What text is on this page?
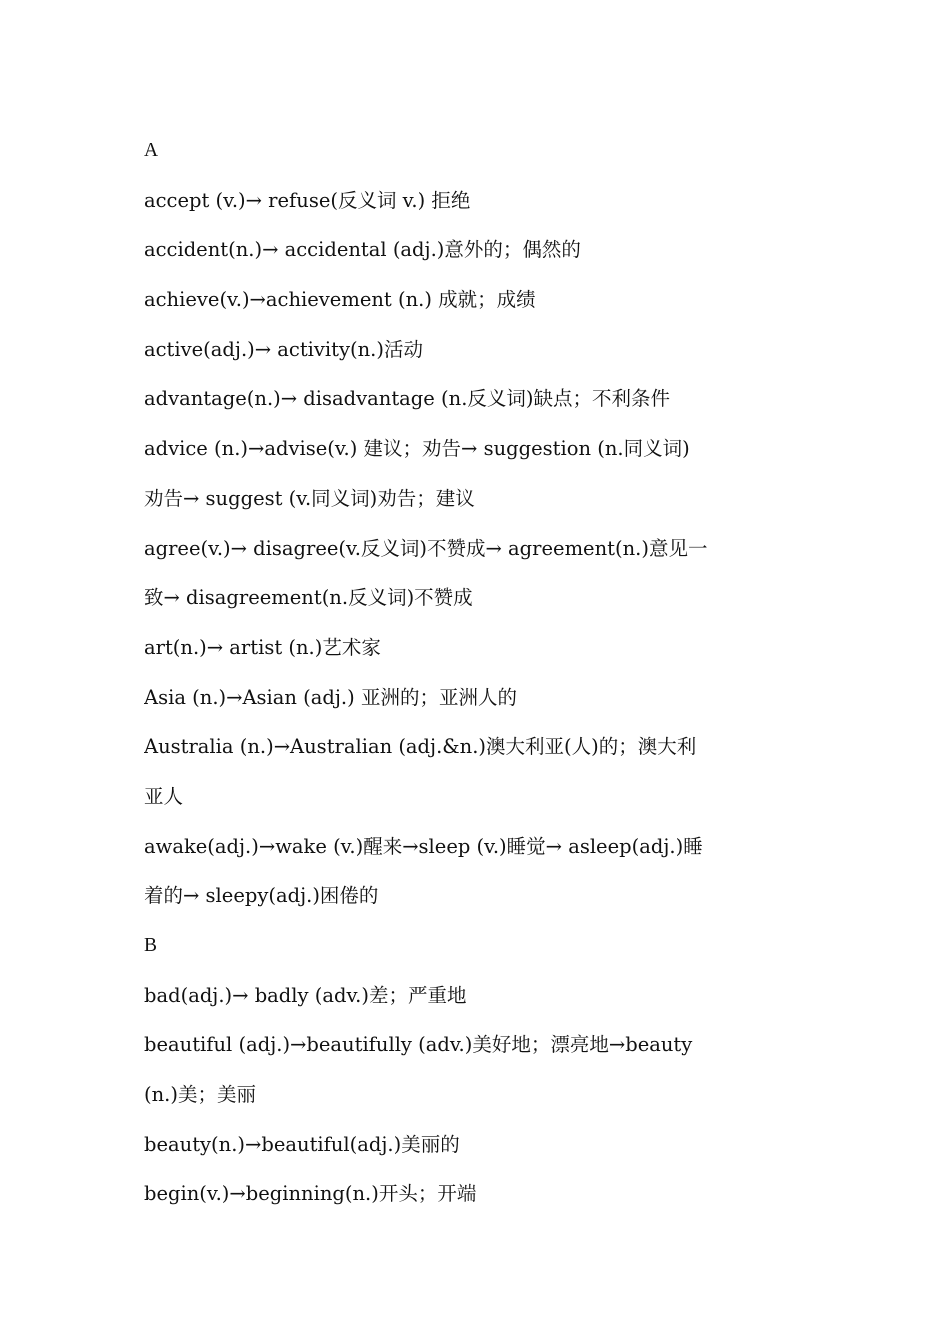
A
accept (v.)→ refuse(反义词 v.) 拒绝
accident(n.)→ accidental (adj.)意外的；偶然的
achieve(v.)→achievement (n.) 成就；成绩
active(adj.)→ activity(n.)活动
advantage(n.)→ disadvantage (n.反义词)缺点；不利条件
advice (n.)→advise(v.) 建议；劝告→ suggestion (n.同义词)
劝告→ suggest (v.同义词)劝告；建议
agree(v.)→ disagree(v.反义词)不赞成→ agreement(n.)意见一
致→ disagreement(n.反义词)不赞成
art(n.)→ artist (n.)艺术家
Asia (n.)→Asian (adj.) 亚洲的；亚洲人的
Australia (n.)→Australian (adj.&n.)澳大利亚(人)的；澳大利
亚人
awake(adj.)→wake (v.)醒来→sleep (v.)睡觉→ asleep(adj.)睡
着的→ sleepy(adj.)困倦的
B
bad(adj.)→ badly (adv.)差；严重地
beautiful (adj.)→beautifully (adv.)美好地；漂亮地→beauty
(n.)美；美丽
beauty(n.)→beautiful(adj.)美丽的
begin(v.)→beginning(n.)开头；开端
